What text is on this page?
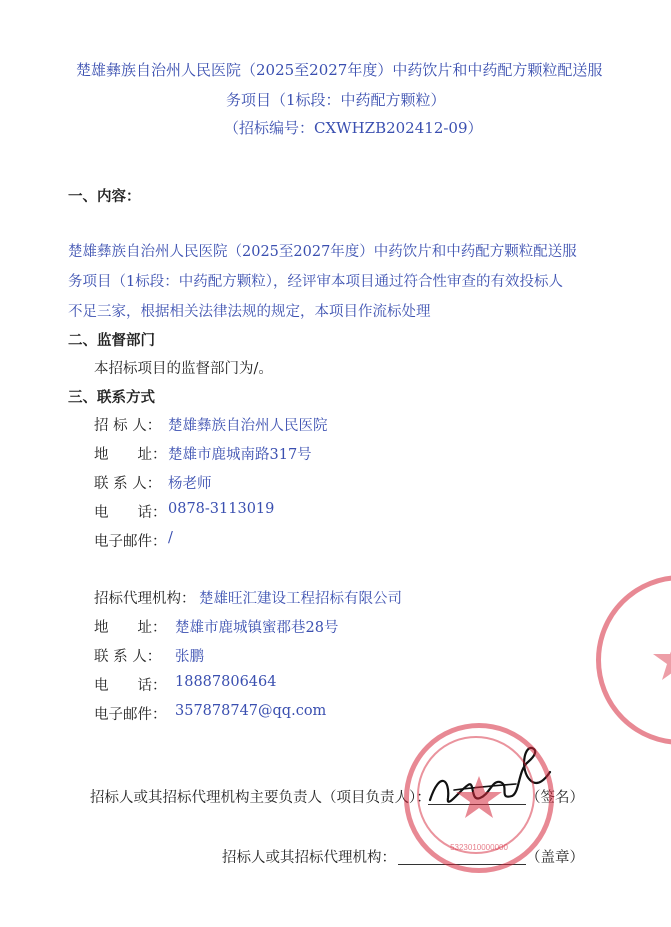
楚雄彝族自治州人民医院（2025至2027年度）中药饮片和中药配方颗粒配送服
务项目（1标段：中药配方颗粒）
（招标编号：CXWHZB202412-09）
一、内容：
楚雄彝族自治州人民医院（2025至2027年度）中药饮片和中药配方颗粒配送服
务项目（1标段：中药配方颗粒），经评审本项目通过符合性审查的有效投标人
不足三家，根据相关法律法规的规定，本项目作流标处理
二、监督部门
本招标项目的监督部门为/。
三、联系方式
招 标 人： 楚雄彝族自治州人民医院
地　　址： 楚雄市鹿城南路317号
联 系 人： 杨老师
电　　话： 0878-3113019
电子邮件： /
招标代理机构： 楚雄旺汇建设工程招标有限公司
地　　址： 楚雄市鹿城镇蜜郡巷28号
联 系 人： 张鹏
电　　话： 18887806464
电子邮件： 357878747@qq.com
招标人或其招标代理机构主要负责人（项目负责人）：	（签名）
招标人或其招标代理机构：	（盖章）
5323010000000
